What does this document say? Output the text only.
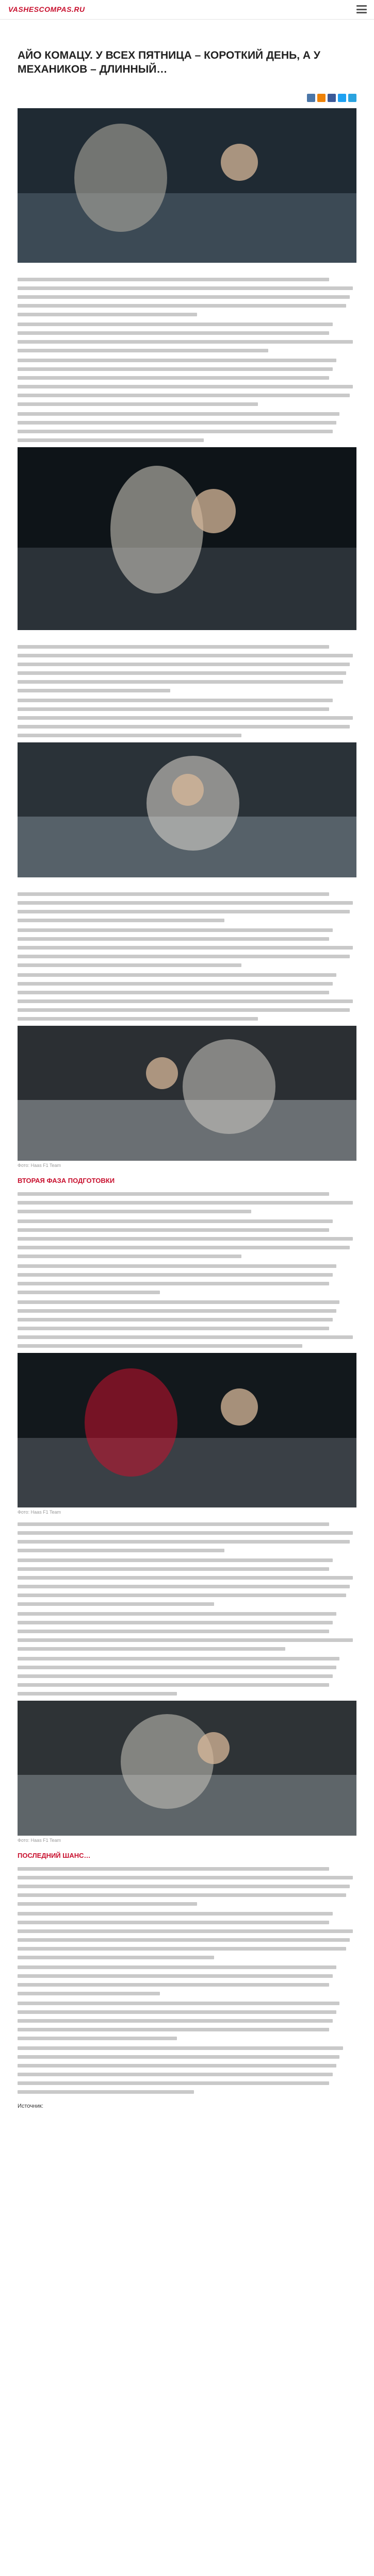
VASHESCOMPAS.RU
АЙО КОМАЦУ. У ВСЕХ ПЯТНИЦА – КОРОТКИЙ ДЕНЬ, А У МЕХАНИКОВ – ДЛИННЫЙ…

Фото: Haas F1 Team
ВТОРАЯ ФАЗА ПОДГОТОВКИ

Фото: Haas F1 Team

Фото: Haas F1 Team
ПОСЛЕДНИЙ ШАНС…

Источник:
